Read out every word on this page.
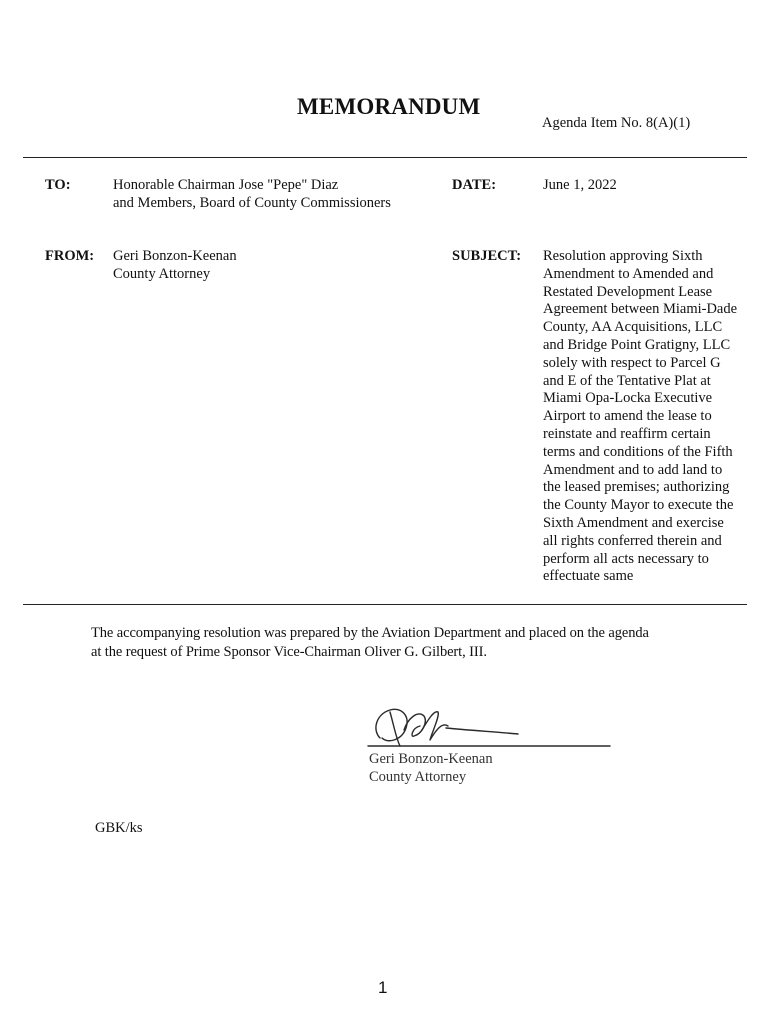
MEMORANDUM
Agenda Item No. 8(A)(1)
TO:	Honorable Chairman Jose "Pepe" Diaz
and Members, Board of County Commissioners
DATE:	June 1, 2022
FROM: Geri Bonzon-Keenan
County Attorney
SUBJECT: Resolution approving Sixth
Amendment to Amended and
Restated Development Lease
Agreement between Miami-Dade
County, AA Acquisitions, LLC
and Bridge Point Gratigny, LLC
solely with respect to Parcel G
and E of the Tentative Plat at
Miami Opa-Locka Executive
Airport to amend the lease to
reinstate and reaffirm certain
terms and conditions of the Fifth
Amendment and to add land to
the leased premises; authorizing
the County Mayor to execute the
Sixth Amendment and exercise
all rights conferred therein and
perform all acts necessary to
effectuate same
The accompanying resolution was prepared by the Aviation Department and placed on the agenda
at the request of Prime Sponsor Vice-Chairman Oliver G. Gilbert, III.
Geri Bonzon-Keenan
County Attorney
GBK/ks
1
